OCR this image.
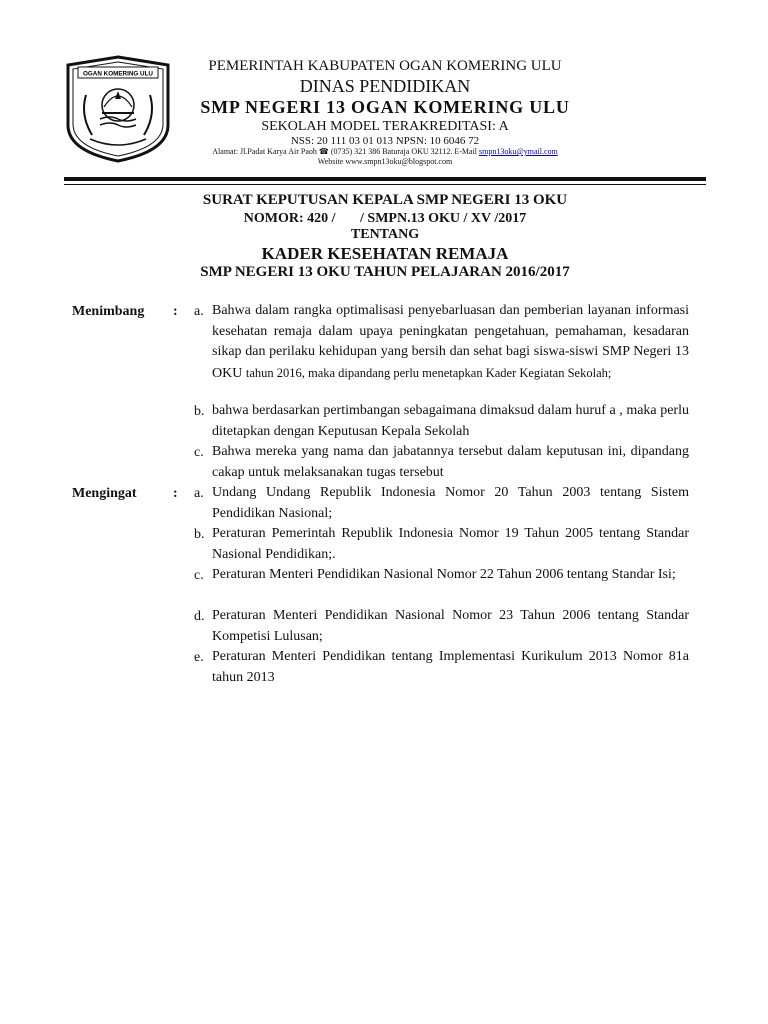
OGAN KOMERING ULU	PEMERINTAH KABUPATEN OGAN KOMERING ULU
DINAS PENDIDIKAN
SMP NEGERI 13 OGAN KOMERING ULU
SEKOLAH MODEL TERAKREDITASI: A
NSS: 20 111 03 01 013 NPSN: 10 6046 72
Alamat: Jl.Padat Karya Air Paoh ☎ (0735) 321 386 Baturaja OKU 32112. E-Mail smpn13oku@ymail.com
Website www.smpn13oku@blogspot.com
SURAT KEPUTUSAN KEPALA SMP NEGERI 13 OKU
NOMOR: 420 /       / SMPN.13 OKU / XV /2017
TENTANG
KADER KESEHATAN REMAJA
SMP NEGERI 13 OKU TAHUN PELAJARAN 2016/2017
Menimbang : a. Bahwa dalam rangka optimalisasi penyebarluasan dan pemberian layanan informasi kesehatan remaja dalam upaya peningkatan pengetahuan, pemahaman, kesadaran sikap dan perilaku kehidupan yang bersih dan sehat bagi siswa-siswi SMP Negeri 13 OKU tahun 2016, maka dipandang perlu menetapkan Kader Kegiatan Sekolah;
b. bahwa berdasarkan pertimbangan sebagaimana dimaksud dalam huruf a , maka perlu ditetapkan dengan Keputusan Kepala Sekolah
c. Bahwa mereka yang nama dan jabatannya tersebut dalam keputusan ini, dipandang cakap untuk melaksanakan tugas tersebut
Mengingat	: a. Undang Undang Republik Indonesia Nomor 20 Tahun 2003 tentang Sistem Pendidikan Nasional;
b. Peraturan Pemerintah Republik Indonesia Nomor 19 Tahun 2005 tentang Standar Nasional Pendidikan;.
c. Peraturan Menteri Pendidikan Nasional Nomor 22 Tahun 2006 tentang Standar Isi;
d. Peraturan Menteri Pendidikan Nasional Nomor 23 Tahun 2006 tentang Standar Kompetisi Lulusan;
e. Peraturan Menteri Pendidikan tentang Implementasi Kurikulum 2013 Nomor 81a tahun 2013
